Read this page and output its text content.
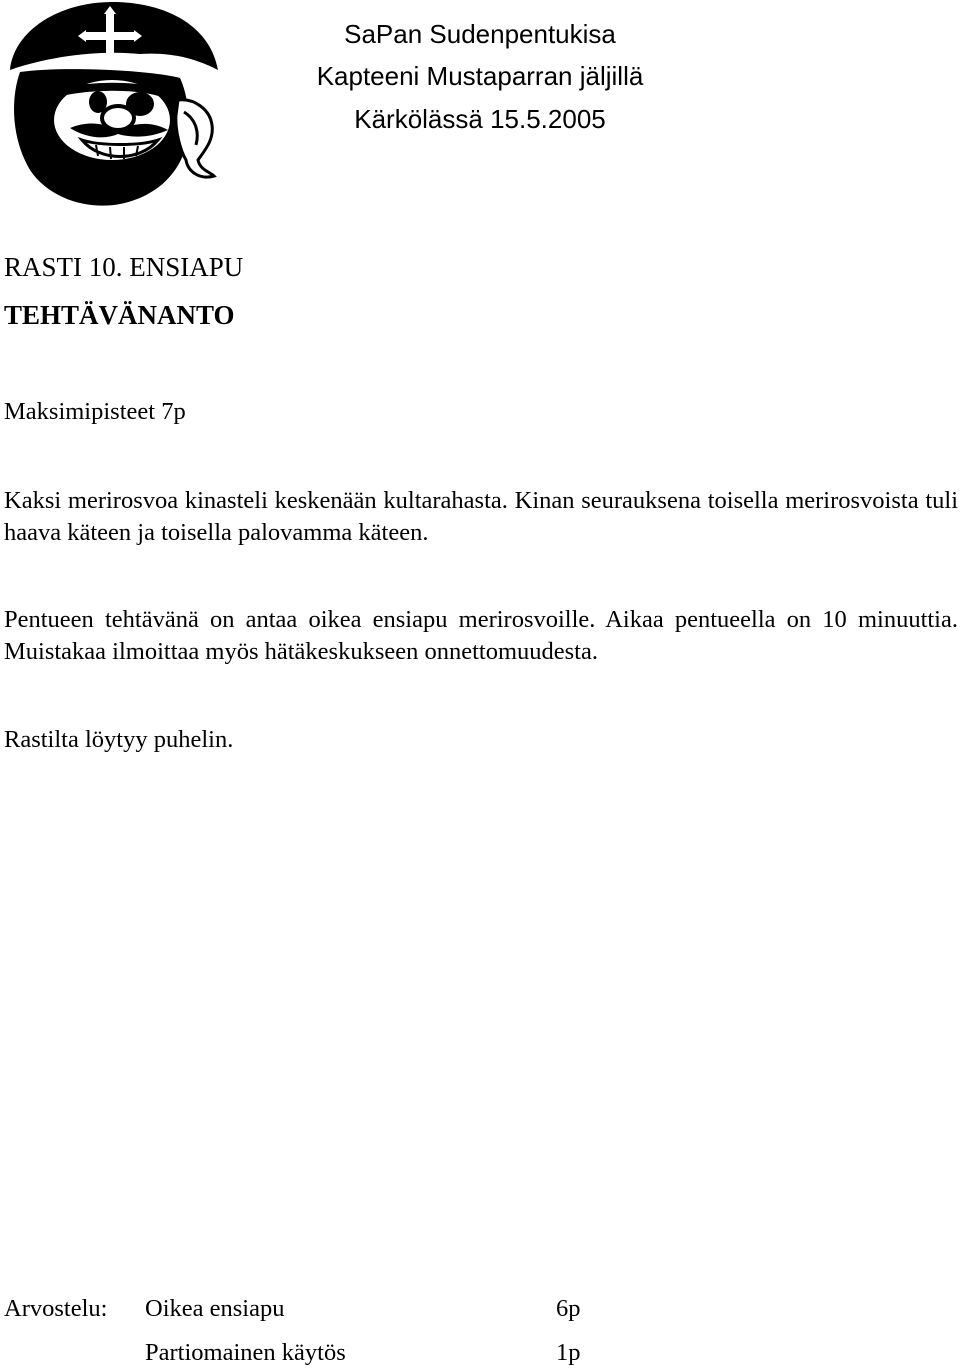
SaPan Sudenpentukisa
Kapteeni Mustaparran jäljillä
Kärkölässä 15.5.2005
RASTI 10. ENSIAPU
TEHTÄVÄNANTO
Maksimipisteet 7p
Kaksi merirosvoa kinasteli keskenään kultarahasta. Kinan seurauksena toisella merirosvoista tuli haava käteen ja toisella palovamma käteen.
Pentueen tehtävänä on antaa oikea ensiapu merirosvoille. Aikaa pentueella on 10 minuuttia. Muistakaa ilmoittaa myös hätäkeskukseen onnettomuudesta.
Rastilta löytyy puhelin.
Arvostelu: Oikea ensiapu	6p
Partiomainen käytös	1p
